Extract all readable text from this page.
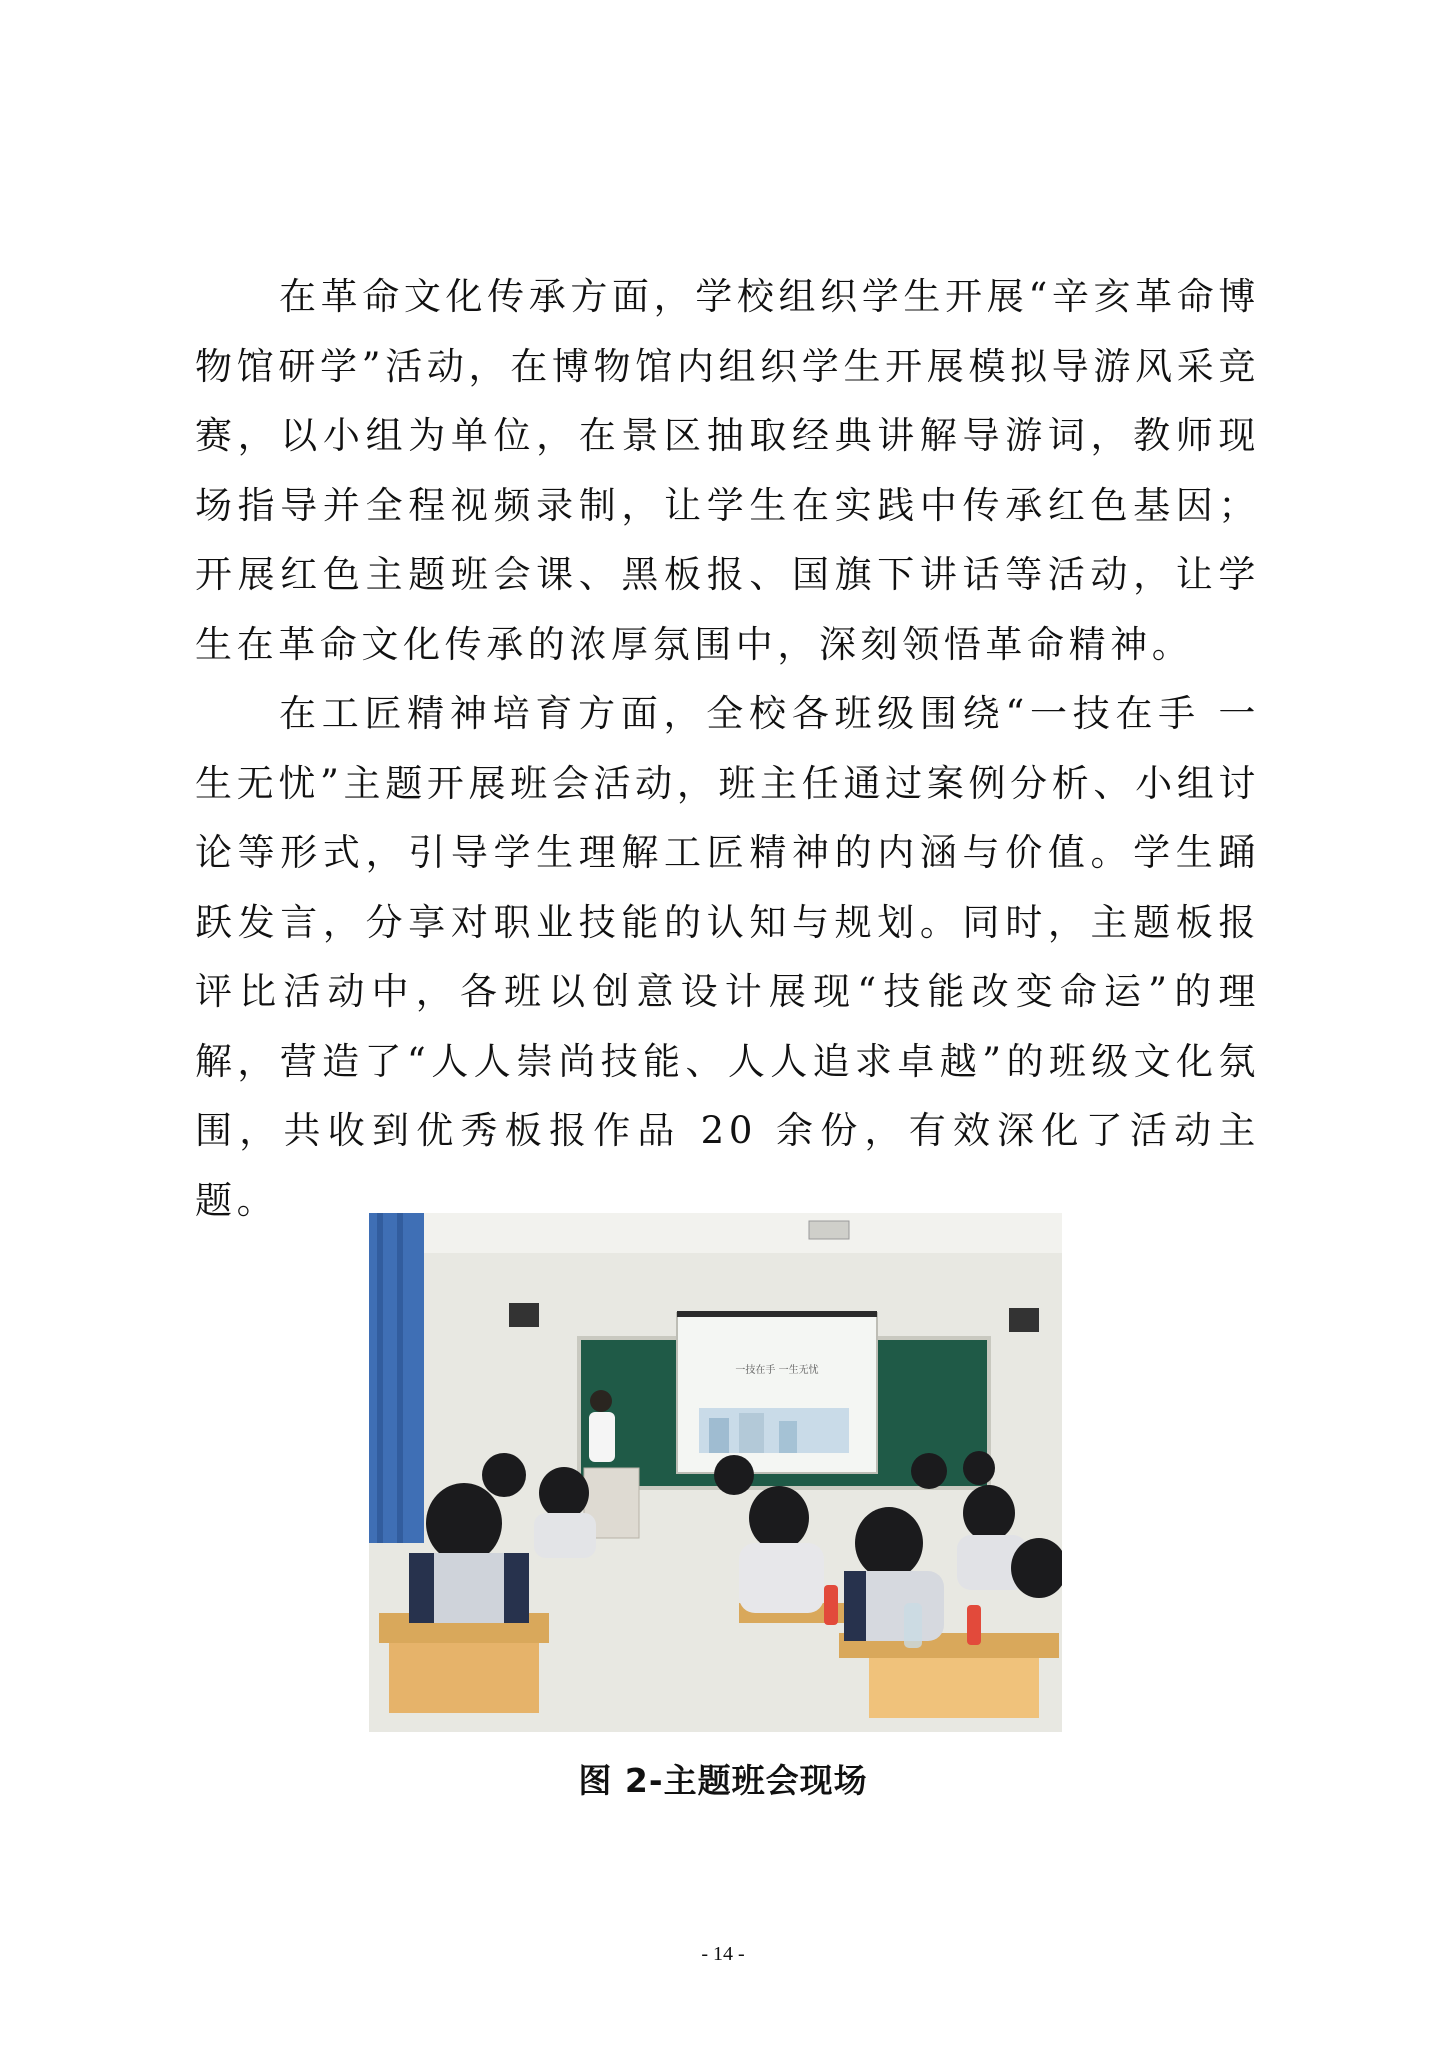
在革命文化传承方面，学校组织学生开展“辛亥革命博物馆研学”活动，在博物馆内组织学生开展模拟导游风采竞赛，以小组为单位，在景区抽取经典讲解导游词，教师现场指导并全程视频录制，让学生在实践中传承红色基因；开展红色主题班会课、黑板报、国旗下讲话等活动，让学生在革命文化传承的浓厚氛围中，深刻领悟革命精神。

在工匠精神培育方面，全校各班级围绕“一技在手 一生无忧”主题开展班会活动，班主任通过案例分析、小组讨论等形式，引导学生理解工匠精神的内涵与价值。学生踊跃发言，分享对职业技能的认知与规划。同时，主题板报评比活动中，各班以创意设计展现“技能改变命运”的理解，营造了“人人崇尚技能、人人追求卓越”的班级文化氛围，共收到优秀板报作品 20 余份，有效深化了活动主题。

一技在手 一生无忧
图 2-主题班会现场
- 14 -
